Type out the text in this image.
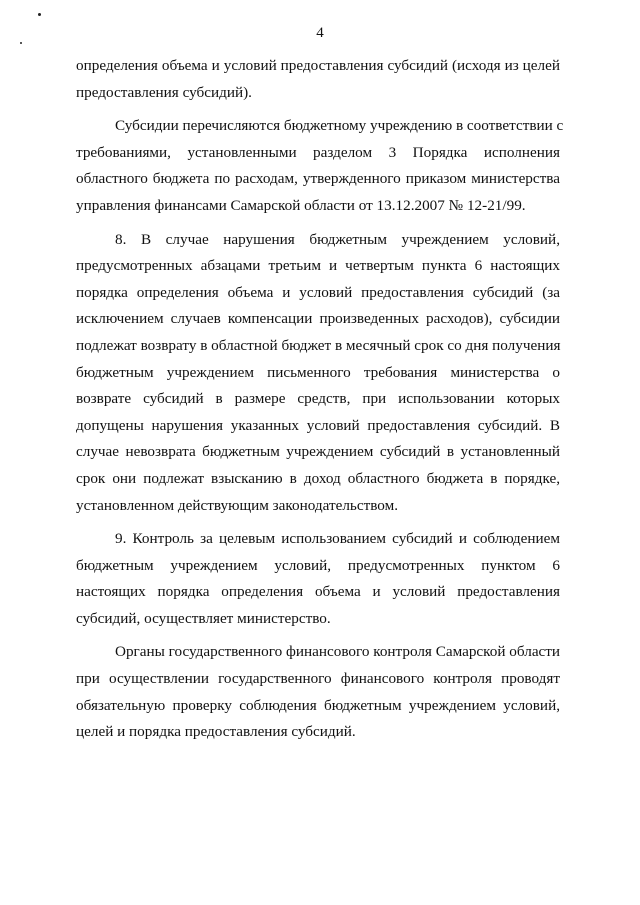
4

определения объема и условий предоставления субсидий (исходя из целей
предоставления субсидий).

Субсидии перечисляются бюджетному учреждению в соответствии с
требованиями, установленными разделом 3 Порядка исполнения
областного бюджета по расходам, утвержденного приказом министерства
управления финансами Самарской области от 13.12.2007 № 12-21/99.

8. В случае нарушения бюджетным учреждением условий,
предусмотренных абзацами третьим и четвертым пункта 6 настоящих
порядка определения объема и условий предоставления субсидий (за
исключением случаев компенсации произведенных расходов), субсидии
подлежат возврату в областной бюджет в месячный срок со дня получения
бюджетным учреждением письменного требования министерства о
возврате субсидий в размере средств, при использовании которых
допущены нарушения указанных условий предоставления субсидий. В
случае невозврата бюджетным учреждением субсидий в установленный
срок они подлежат взысканию в доход областного бюджета в порядке,
установленном действующим законодательством.

9. Контроль за целевым использованием субсидий и соблюдением
бюджетным учреждением условий, предусмотренных пунктом 6
настоящих порядка определения объема и условий предоставления
субсидий, осуществляет министерство.

Органы государственного финансового контроля Самарской области
при осуществлении государственного финансового контроля проводят
обязательную проверку соблюдения бюджетным учреждением условий,
целей и порядка предоставления субсидий.
